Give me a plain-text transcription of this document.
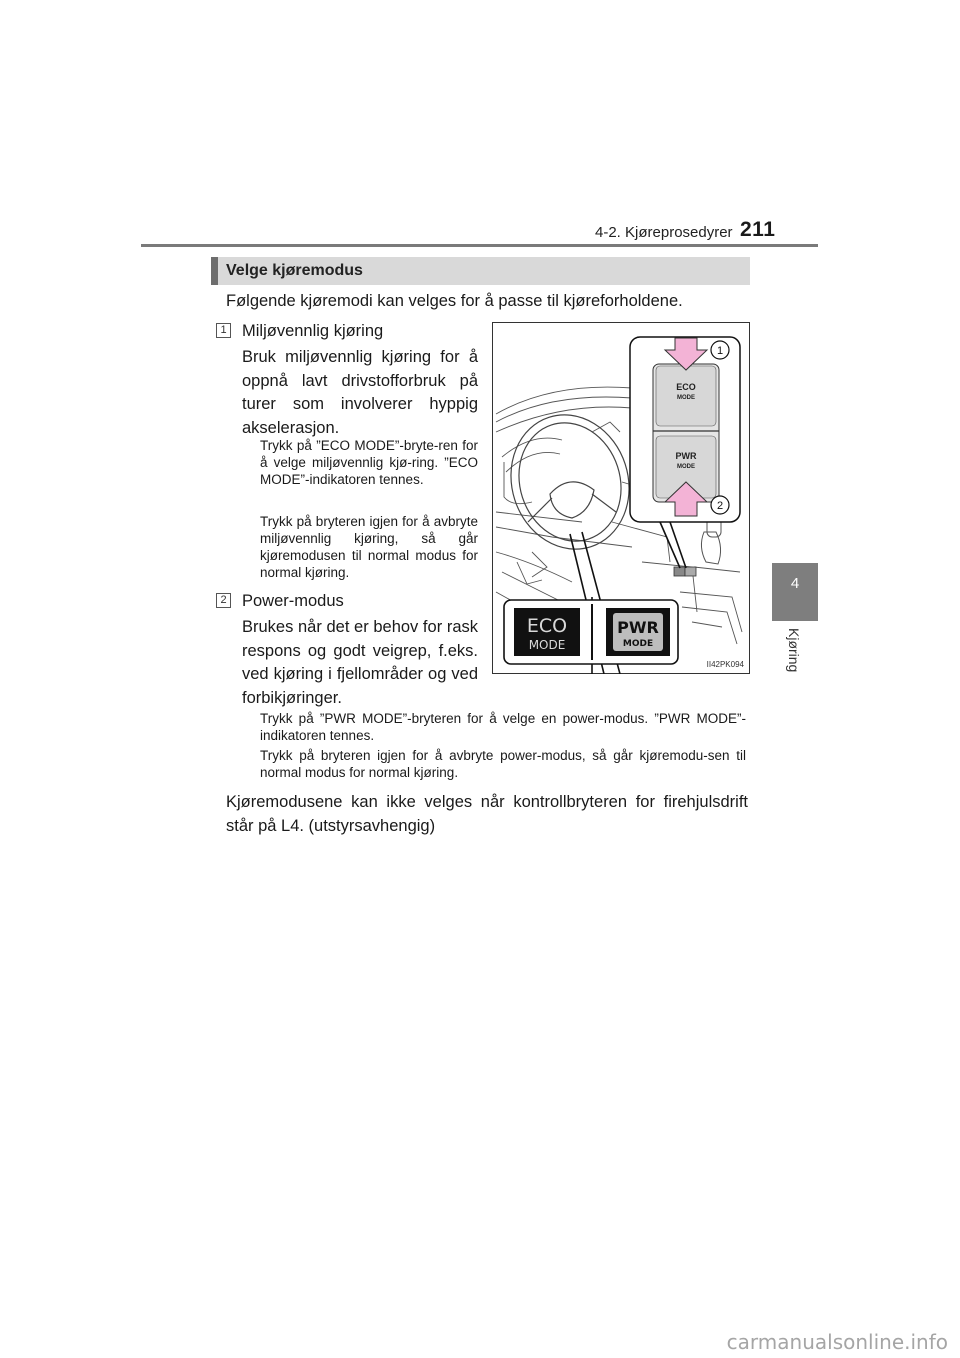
4-2. Kjøreprosedyrer 211
4
Kjøring
Velge kjøremodus
Følgende kjøremodi kan velges for å passe til kjøreforholdene.
1 Miljøvennlig kjøring
Bruk miljøvennlig kjøring for å oppnå lavt drivstofforbruk på turer som involverer hyppig akselerasjon.
Trykk på ”ECO MODE”-bryte-ren for å velge miljøvennlig kjø-ring. ”ECO MODE”-indikatoren tennes.
Trykk på bryteren igjen for å avbryte miljøvennlig kjøring, så går kjøremodusen til normal modus for normal kjøring.
2 Power-modus
Brukes når det er behov for rask respons og godt veigrep, f.eks. ved kjøring i fjellområder og ved forbikjøringer.
Trykk på ”PWR MODE”-bryteren for å velge en power-modus. ”PWR MODE”-indikatoren tennes.
Trykk på bryteren igjen for å avbryte power-modus, så går kjøremodu-sen til normal modus for normal kjøring.
Kjøremodusene kan ikke velges når kontrollbryteren for firehjulsdrift står på L4. (utstyrsavhengig)
ECO
MODE
PWR
MODE
1
2
ECO
MODE
PWR
MODE
II42PK094
carmanualsonline.info
